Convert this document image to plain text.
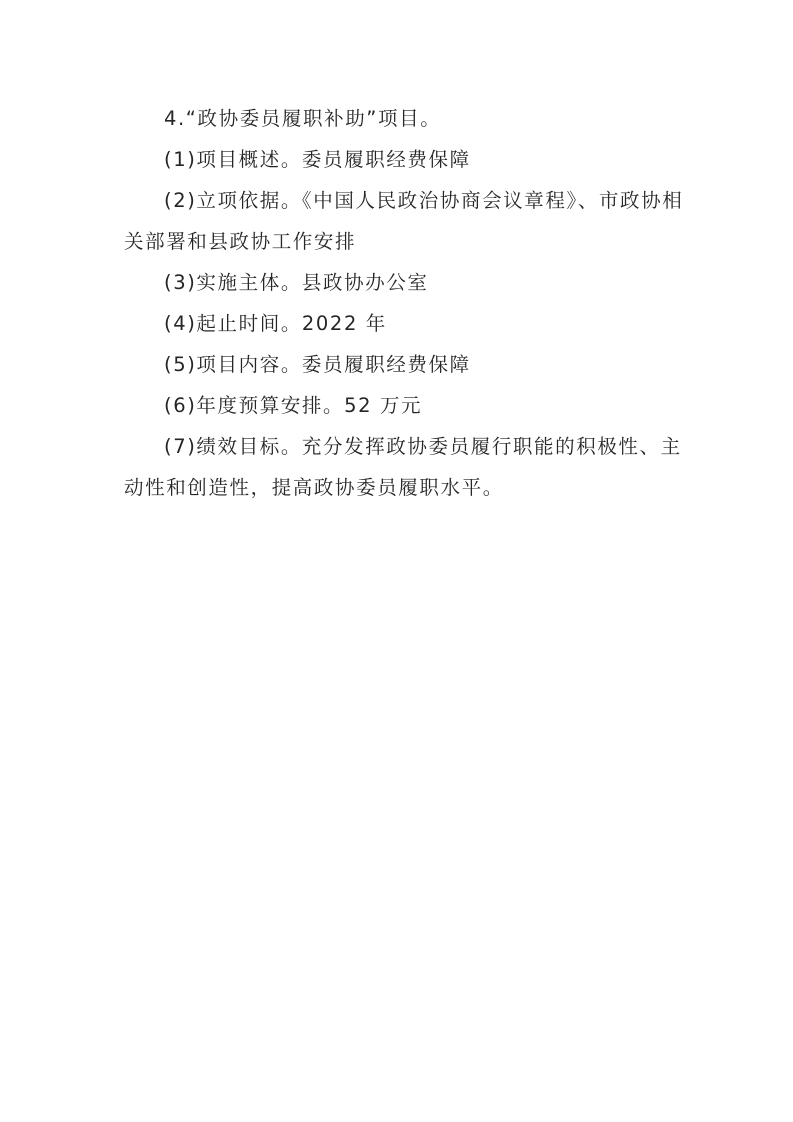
4.“政协委员履职补助”项目。

(1)项目概述。委员履职经费保障

(2)立项依据。《中国人民政治协商会议章程》、市政协相关部署和县政协工作安排

(3)实施主体。县政协办公室

(4)起止时间。2022 年

(5)项目内容。委员履职经费保障

(6)年度预算安排。52 万元

(7)绩效目标。充分发挥政协委员履行职能的积极性、主动性和创造性，提高政协委员履职水平。
